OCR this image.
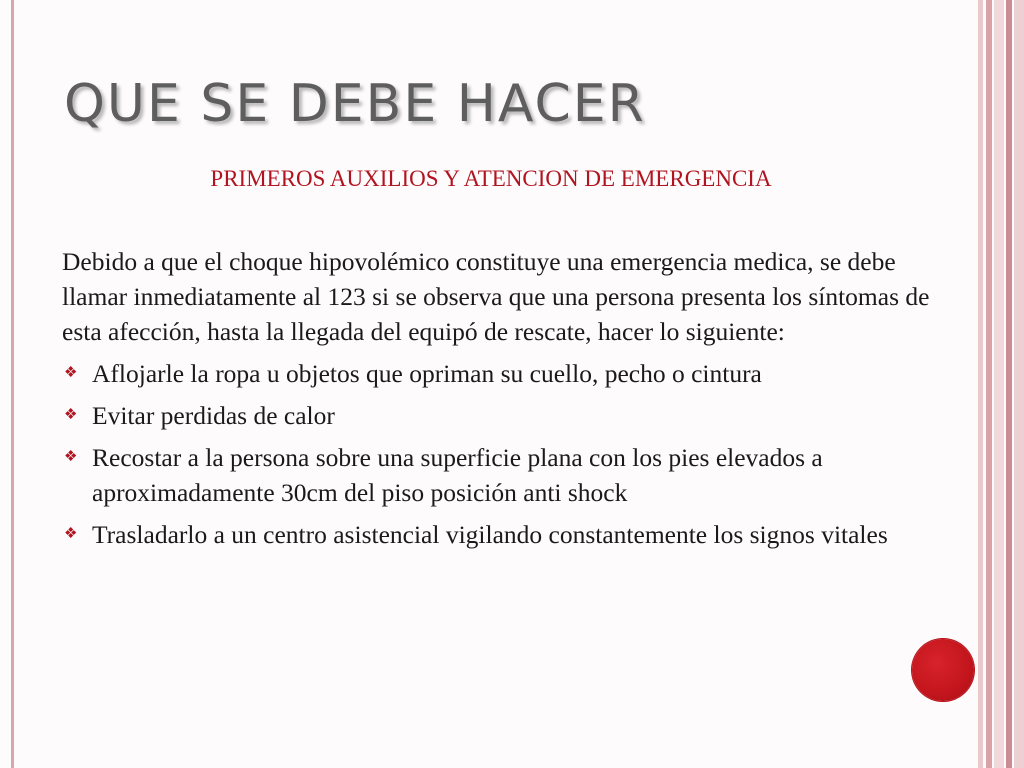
QUE SE DEBE HACER
PRIMEROS AUXILIOS Y ATENCION DE EMERGENCIA

Debido a que el choque hipovolémico constituye una emergencia medica, se debe llamar inmediatamente al 123 si se observa que una persona presenta los síntomas de esta afección, hasta la llegada del equipó de rescate, hacer lo siguiente:

❖ Aflojarle la ropa u objetos que opriman su cuello, pecho o cintura
❖ Evitar perdidas de calor
❖ Recostar a la persona sobre una superficie plana con los pies elevados a aproximadamente 30cm del piso posición anti shock
❖ Trasladarlo a un centro asistencial vigilando constantemente los signos vitales
